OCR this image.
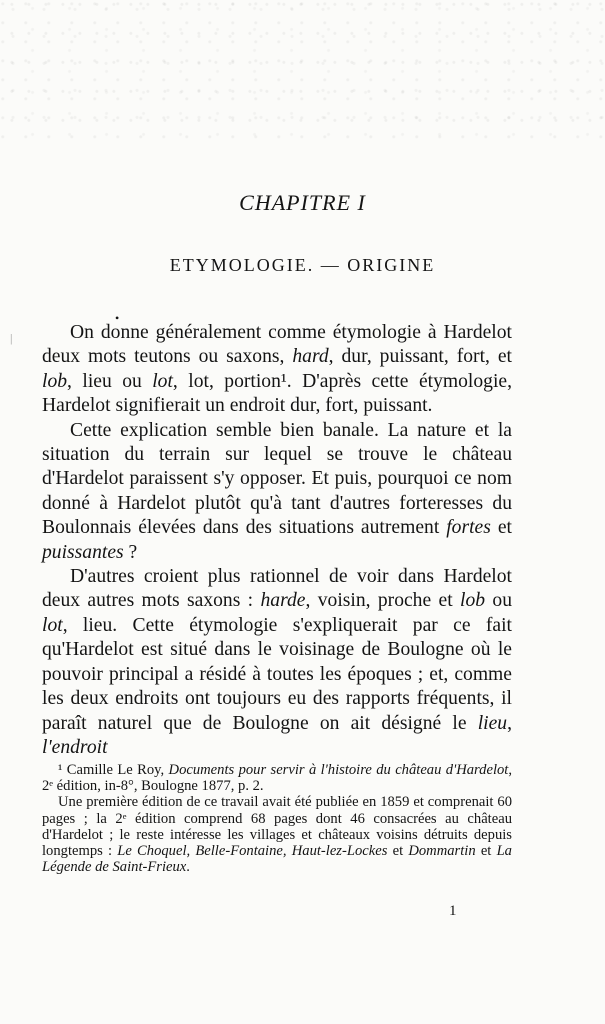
CHAPITRE I
ETYMOLOGIE. — ORIGINE
•
|	On donne généralement comme étymologie à Hardelot deux mots teutons ou saxons, hard, dur, puissant, fort, et lob, lieu ou lot, lot, portion¹. D'après cette étymologie, Hardelot signifierait un endroit dur, fort, puissant.

Cette explication semble bien banale. La nature et la situation du terrain sur lequel se trouve le château d'Hardelot paraissent s'y opposer. Et puis, pourquoi ce nom donné à Hardelot plutôt qu'à tant d'autres forteresses du Boulonnais élevées dans des situations autrement fortes et puissantes ?

D'autres croient plus rationnel de voir dans Hardelot deux autres mots saxons : harde, voisin, proche et lob ou lot, lieu. Cette étymologie s'expliquerait par ce fait qu'Hardelot est situé dans le voisinage de Boulogne où le pouvoir principal a résidé à toutes les époques ; et, comme les deux endroits ont toujours eu des rapports fréquents, il paraît naturel que de Boulogne on ait désigné le lieu, l'endroit

¹ Camille Le Roy, Documents pour servir à l'histoire du château d'Hardelot, 2ᵉ édition, in-8°, Boulogne 1877, p. 2.

Une première édition de ce travail avait été publiée en 1859 et comprenait 60 pages ; la 2ᵉ édition comprend 68 pages dont 46 consacrées au château d'Hardelot ; le reste intéresse les villages et châteaux voisins détruits depuis longtemps : Le Choquel, Belle-Fontaine, Haut-lez-Lockes et Dommartin et La Légende de Saint-Frieux.

1
